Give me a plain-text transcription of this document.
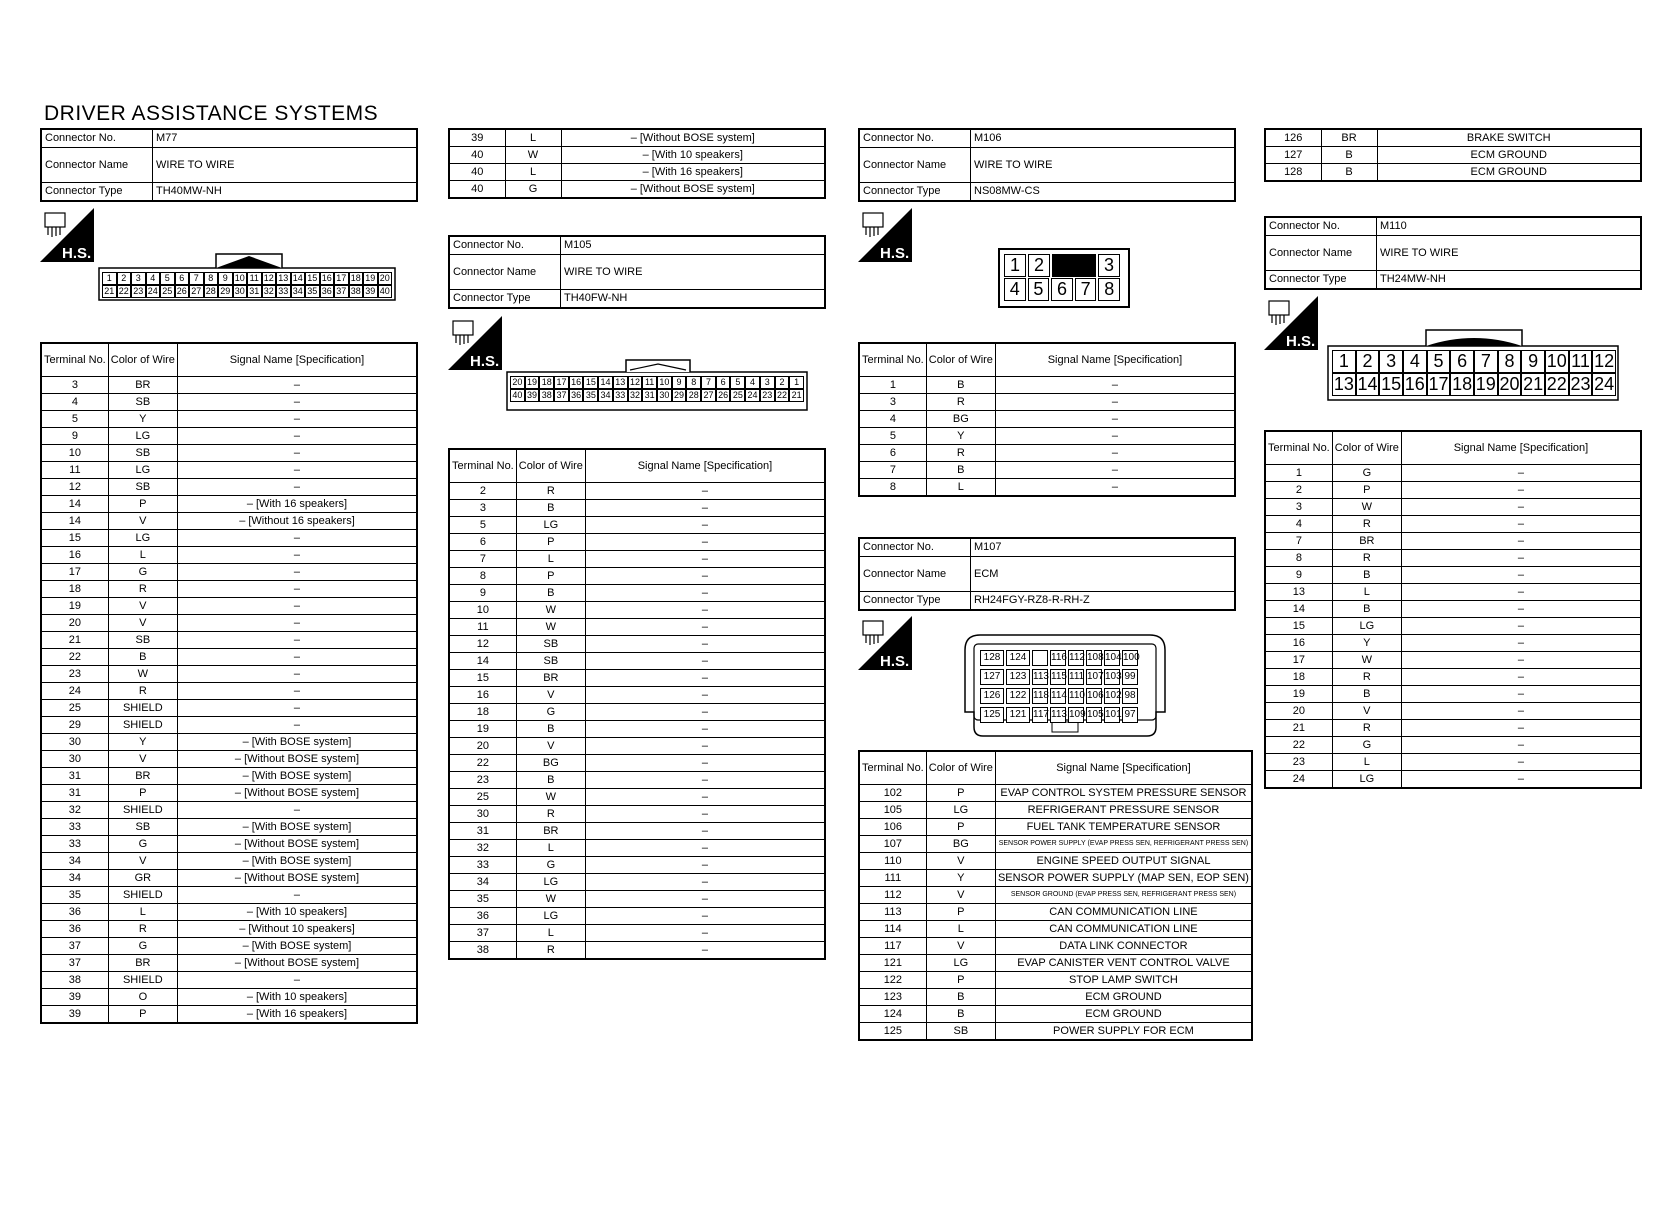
DRIVER ASSISTANCE SYSTEMS
Connector No.	M77
Connector Name	WIRE TO WIRE
Connector Type	TH40MW-NH
H.S.
1	2	3	4	5	6	7	8	9 10 11 12 13 14 15 16 17 18 19 20
21 22 23 24 25 26 27 28 29 30 31 32 33 34 35 36 37 38 39 40
Terminal No.	Color of Wire	Signal Name [Specification]
3	BR	–
4	SB	–
5	Y	–
9	LG	–
10	SB	–
11	LG	–
12	SB	–
14	P	– [With 16 speakers]
14	V	– [Without 16 speakers]
15	LG	–
16	L	–
17	G	–
18	R	–
19	V	–
20	V	–
21	SB	–
22	B	–
23	W	–
24	R	–
25	SHIELD	–
29	SHIELD	–
30	Y	– [With BOSE system]
30	V	– [Without BOSE system]
31	BR	– [With BOSE system]
31	P	– [Without BOSE system]
32	SHIELD	–
33	SB	– [With BOSE system]
33	G	– [Without BOSE system]
34	V	– [With BOSE system]
34	GR	– [Without BOSE system]
35	SHIELD	–
36	L	– [With 10 speakers]
36	R	– [Without 10 speakers]
37	G	– [With BOSE system]
37	BR	– [Without BOSE system]
38	SHIELD	–
39	O	– [With 10 speakers]
39	P	– [With 16 speakers]
39	L	– [Without BOSE system]
40	W	– [With 10 speakers]
40	L	– [With 16 speakers]
40	G	– [Without BOSE system]
Connector No.	M105
Connector Name	WIRE TO WIRE
Connector Type	TH40FW-NH
H.S.
20 19 18 17 16 15 14 13 12 11 10 9	8	7	6	5	4	3	2	1
40 39 38 37 36 35 34 33 32 31 30 29 28 27 26 25 24 23 22 21
Terminal No.	Color of Wire	Signal Name [Specification]
2	R	–
3	B	–
5	LG	–
6	P	–
7	L	–
8	P	–
9	B	–
10	W	–
11	W	–
12	SB	–
14	SB	–
15	BR	–
16	V	–
18	G	–
19	B	–
20	V	–
22	BG	–
23	B	–
25	W	–
30	R	–
31	BR	–
32	L	–
33	G	–
34	LG	–
35	W	–
36	LG	–
37	L	–
38	R	–
Connector No.	M106
Connector Name	WIRE TO WIRE
Connector Type	NS08MW-CS
H.S.
1 2	3
4 5 6 7 8
Terminal No.	Color of Wire	Signal Name [Specification]
1	B	–
3	R	–
4	BG	–
5	Y	–
6	R	–
7	B	–
8	L	–
Connector No.	M107
Connector Name	ECM
Connector Type	RH24FGY-RZ8-R-RH-Z
H.S.	128 124	116 112 108 104 100
127 123 113 115 111 107 103 99
126 122 118 114 110 106 102 98
125 121 117 113 109 105 101 97
Terminal No.	Color of Wire	Signal Name [Specification]
102	P	EVAP CONTROL SYSTEM PRESSURE SENSOR
105	LG	REFRIGERANT PRESSURE SENSOR
106	P	FUEL TANK TEMPERATURE SENSOR
107	BG	SENSOR POWER SUPPLY (EVAP PRESS SEN, REFRIGERANT PRESS SEN)
110	V	ENGINE SPEED OUTPUT SIGNAL
111	Y	SENSOR POWER SUPPLY (MAP SEN, EOP SEN)
112	V	SENSOR GROUND (EVAP PRESS SEN, REFRIGERANT PRESS SEN)
113	P	CAN COMMUNICATION LINE
114	L	CAN COMMUNICATION LINE
117	V	DATA LINK CONNECTOR
121	LG	EVAP CANISTER VENT CONTROL VALVE
122	P	STOP LAMP SWITCH
123	B	ECM GROUND
124	B	ECM GROUND
125	SB	POWER SUPPLY FOR ECM
126	BR	BRAKE SWITCH
127	B	ECM GROUND
128	B	ECM GROUND
Connector No.	M110
Connector Name	WIRE TO WIRE
Connector Type	TH24MW-NH
H.S.
1 2 3 4 5 6 7 8 9 10 11 12
13 14 15 16 17 18 19 20 21 22 23 24
Terminal No.	Color of Wire	Signal Name [Specification]
1	G	–
2	P	–
3	W	–
4	R	–
7	BR	–
8	R	–
9	B	–
13	L	–
14	B	–
15	LG	–
16	Y	–
17	W	–
18	R	–
19	B	–
20	V	–
21	R	–
22	G	–
23	L	–
24	LG	–
